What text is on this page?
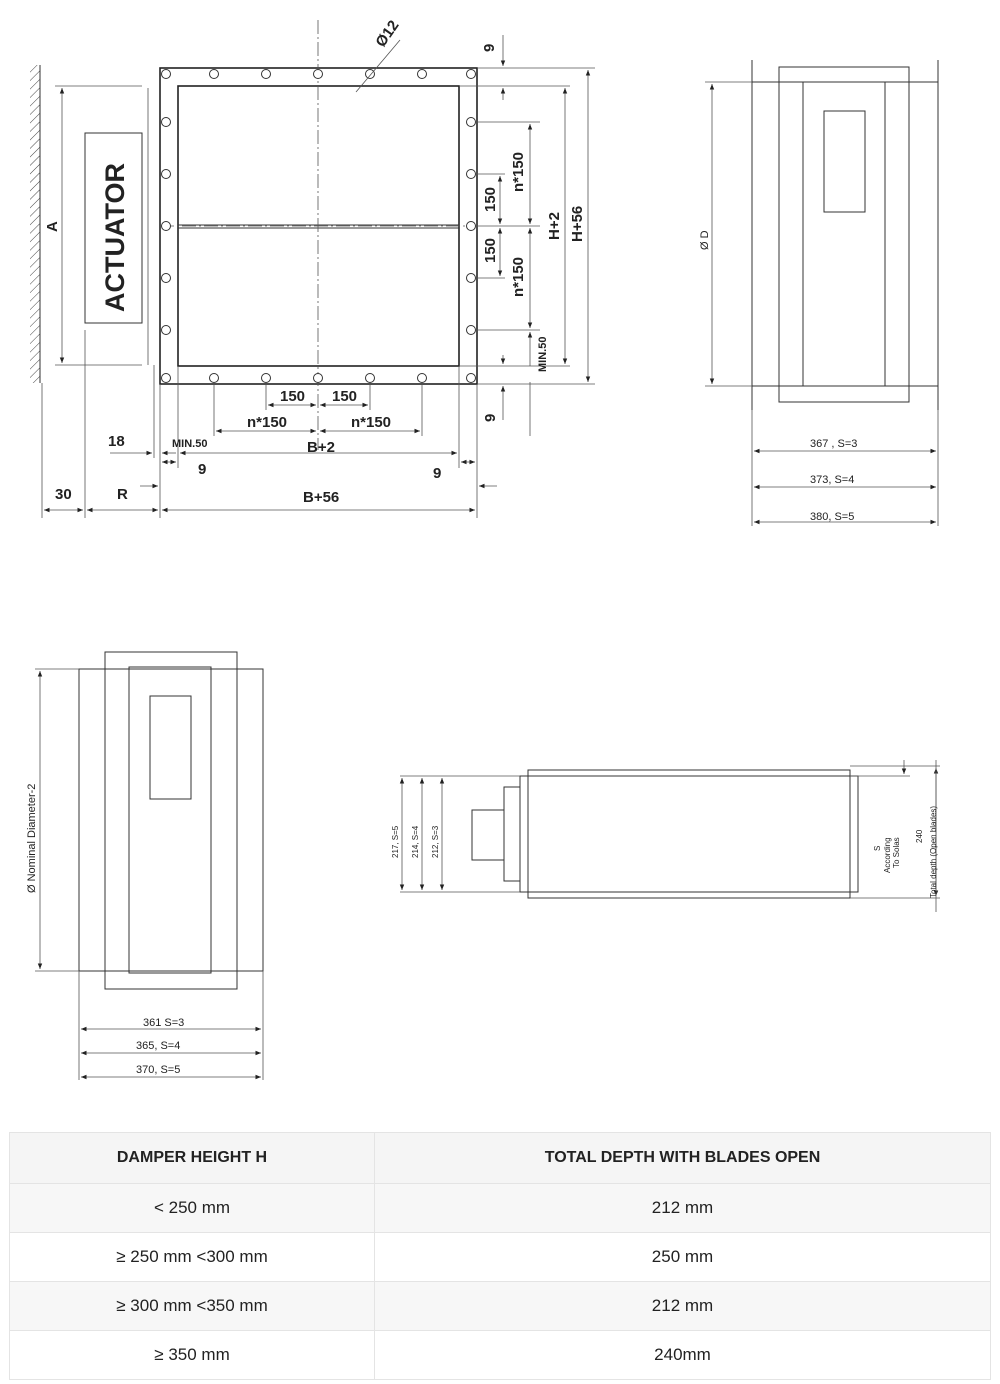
ACTUATOR
A
Ø12
H+56
H+2
n*150
n*150
MIN.50
150
150
9
9
150 150
n*150	n*150
18	MIN.50	B+2
9	9
30	R	B+56
Ø D
367 , S=3
373, S=4
380, S=5
Ø Nominal Diameter-2
361 S=3
365, S=4
370, S=5
217, S=5 214, S=4 212, S=3	S According To Solas
240 Total depth (Open blades)
DAMPER HEIGHT H	TOTAL DEPTH WITH BLADES OPEN
< 250 mm	212 mm
≥ 250 mm <300 mm	250 mm
≥ 300 mm <350 mm	212 mm
≥ 350 mm	240mm
